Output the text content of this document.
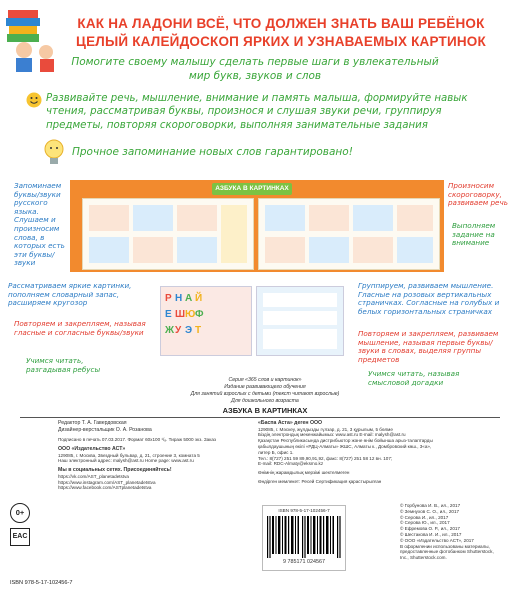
КАК НА ЛАДОНИ ВСЁ, ЧТО ДОЛЖЕН ЗНАТЬ ВАШ РЕБЁНОК
ЦЕЛЫЙ КАЛЕЙДОСКОП ЯРКИХ И УЗНАВАЕМЫХ КАРТИНОК
Помогите своему малышу сделать первые шаги в увлекательный мир букв, звуков и слов
Развивайте речь, мышление, внимание и память малыша, формируйте навык чтения, рассматривая буквы, произнося и слушая звуки речи, группируя предметы, повторяя скороговорки, выполняя занимательные задания
Прочное запоминание новых слов гарантировано!
АЗБУКА В КАРТИНКАХ
Запоминаем буквы/звуки русского языка. Слушаем и произносим слова, в которых есть эти буквы/звуки
Произносим скороговорку, развиваем речь
Выполняем задание на внимание
Р Н А Й
Е Ш Ю Ф
Ж У Э Т
Рассматриваем яркие картинки, пополняем словарный запас, расширяем кругозор
Повторяем и закрепляем, называя гласные и согласные буквы/звуки
Учимся читать, разгадывая ребусы
Группируем, развиваем мышление. Гласные на розовых вертикальных страничках. Согласные на голубых и белых горизонтальных страничках
Повторяем и закрепляем, развиваем мышление, называя первые буквы/звуки в словах, выделяя группы предметов
Учимся читать, называя смысловой догадки
Серия «365 слов и картинок»
Издание развивающего обучения
Для занятий взрослых с детьми (текст читают взрослые)
Для дошкольного возраста
АЗБУКА В КАРТИНКАХ
Редактор Т. А. Гавердовская
Дизайнер-верстальщик О. А. Розанова
Подписано в печать 07.03.2017. Формат 60х100 ¹/₈. Тираж 5000 экз. Заказ
ООО «Издательство АСТ»
129085, г. Москва, Звездный бульвар, д. 21, строение 3, комната 5
Наш электронный адрес: malysh@ast.ru Home page: www.ast.ru
Мы в социальных сетях. Присоединяйтесь!
https://vk.com/AST_planetadetstva
https://www.instagram.com/AST_planetadetstva
https://www.facebook.com/ASTplanetadetstva
«Баспа Аста» деген ООО
129085, г. Мәскеу, жұлдызды гүлзар, д. 21, 3 құрылым, 5 бөлме
Біздің электрондық мекенжайымыз: www.ast.ru E-mail: malysh@ast.ru
Қазақстан Республикасында дистрибьютор және өнім бойынша арыз-талаптарды
қабылдаушының өкілі «РДЦ-Алматы» ЖШС, Алматы к., Домбровский көш., 3«а»,
литер Б, офис 1.
Тел.: 8(727) 251 59 89,90,91,92, факс: 8(727) 251 58 12 вн. 107;
E-mail: RDC-Almaty@eksmo.kz
Өнімнің жарамдылық мерзімі шектелмеген
Өндірген мемлекет: Ресей Сертификация қарастырылған
0+
EAC
ISBN 978-5-17-102456-7
ISBN 978-5-17-102456-7
9 785171 024567
© Горбунова И. В., ил., 2017
© Земнухов С. О., ил., 2017
© Серова И., ил., 2017
© Серова Ю., ил., 2017
© Ефремова О. Р., ил., 2017
© Шестакова И. И., ил., 2017
© ООО «Издательство АСТ», 2017
В оформлении использованы материалы,
предоставленные фотобанком Shutterstock,
Inc., Shutterstock.com.
